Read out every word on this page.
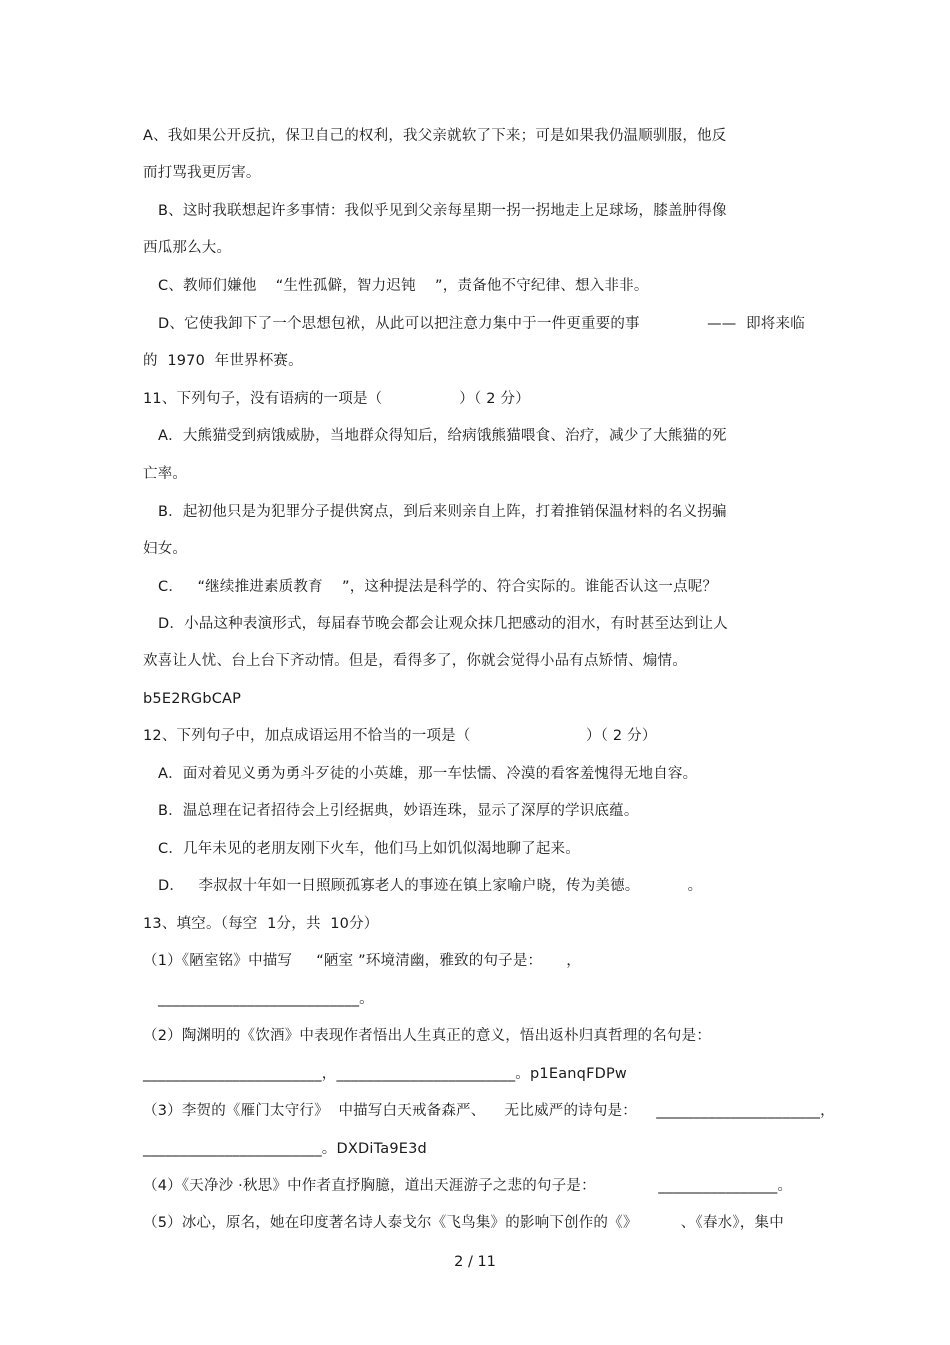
A、我如果公开反抗，保卫自己的权利，我父亲就软了下来；可是如果我仍温顺驯服，他反
而打骂我更厉害。
B、这时我联想起许多事情：我似乎见到父亲每星期一拐一拐地走上足球场，膝盖肿得像
西瓜那么大。
C、教师们嫌他    “生性孤僻，智力迟钝    ”，责备他不守纪律、想入非非。
D、它使我卸下了一个思想包袱，从此可以把注意力集中于一件更重要的事              ——  即将来临
的  1970  年世界杯赛。
11、下列句子，没有语病的一项是（                ）（ 2 分）
A．大熊猫受到病饿威胁，当地群众得知后，给病饿熊猫喂食、治疗，减少了大熊猫的死
亡率。
B．起初他只是为犯罪分子提供窝点，到后来则亲自上阵，打着推销保温材料的名义拐骗
妇女。
C．   “继续推进素质教育    ”，这种提法是科学的、符合实际的。谁能否认这一点呢？
D．小品这种表演形式，每届春节晚会都会让观众抹几把感动的泪水，有时甚至达到让人
欢喜让人忧、台上台下齐动情。但是，看得多了，你就会觉得小品有点矫情、煽情。
b5E2RGbCAP
12、下列句子中，加点成语运用不恰当的一项是（                        ）（ 2 分）
A．面对着见义勇为勇斗歹徒的小英雄，那一车怯懦、冷漠的看客羞愧得无地自容。
B．温总理在记者招待会上引经据典，妙语连珠，显示了深厚的学识底蕴。
C．几年未见的老朋友刚下火车，他们马上如饥似渴地聊了起来。
D．   李叔叔十年如一日照顾孤寡老人的事迹在镇上家喻户晓，传为美德。          。
13、填空。（每空  1分，共  10分）
（1）《陋室铭》中描写     “陋室 ”环境清幽，雅致的句子是：     ，
___________________________。
（2）陶渊明的《饮酒》中表现作者悟出人生真正的意义，悟出返朴归真哲理的名句是：
________________________，________________________。p1EanqFDPw
（3）李贺的《雁门太守行》  中描写白天戒备森严、    无比威严的诗句是：    ______________________，
________________________。DXDiTa9E3d
（4）《天净沙 ·秋思》中作者直抒胸臆，道出天涯游子之悲的句子是：             ________________。
（5）冰心，原名，她在印度著名诗人泰戈尔《飞鸟集》的影响下创作的《》         、《春水》，集中
2 / 11
